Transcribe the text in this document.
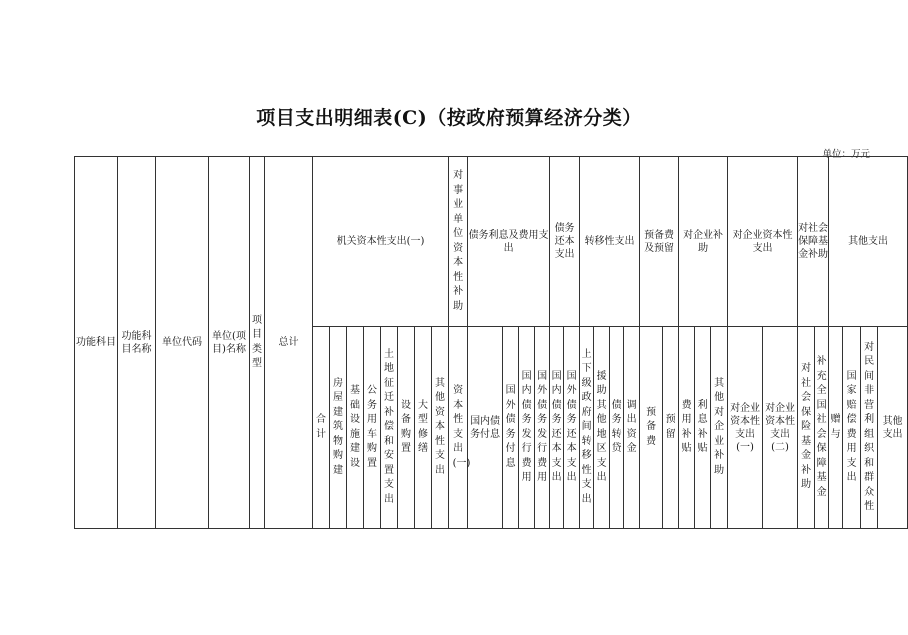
项目支出明细表(C)（按政府预算经济分类）
单位：万元
功能科目	功能科目名称	单位代码	单位(项目)名称	项目类型	总计	机关资本性支出(一)								对事业单位资本性补助	债务利息及费用支出				债务还本支出		转移性支出				预备费及预留		对企业补助			对企业资本性支出		对社会保障基金补助		其他支出			
						合计	房屋建筑物购建	基础设施建设	公务用车购置	土地征迁补偿和安置支出	设备购置	大型修缮	其他资本性支出	资本性支出(一)	国内债务付息	国外债务付息	国内债务发行费用	国外债务发行费用	国内债务还本支出	国外债务还本支出	上下级政府间转移性支出	援助其他地区支出	债务转贷	调出资金	预备费	预留	费用补贴	利息补贴	其他对企业补助	对企业资本性支出(一)	对企业资本性支出(二)	对社会保险基金补助	补充全国社会保障基金	赠与	国家赔偿费用支出	对民间非营利组织和群众性	其他支出
